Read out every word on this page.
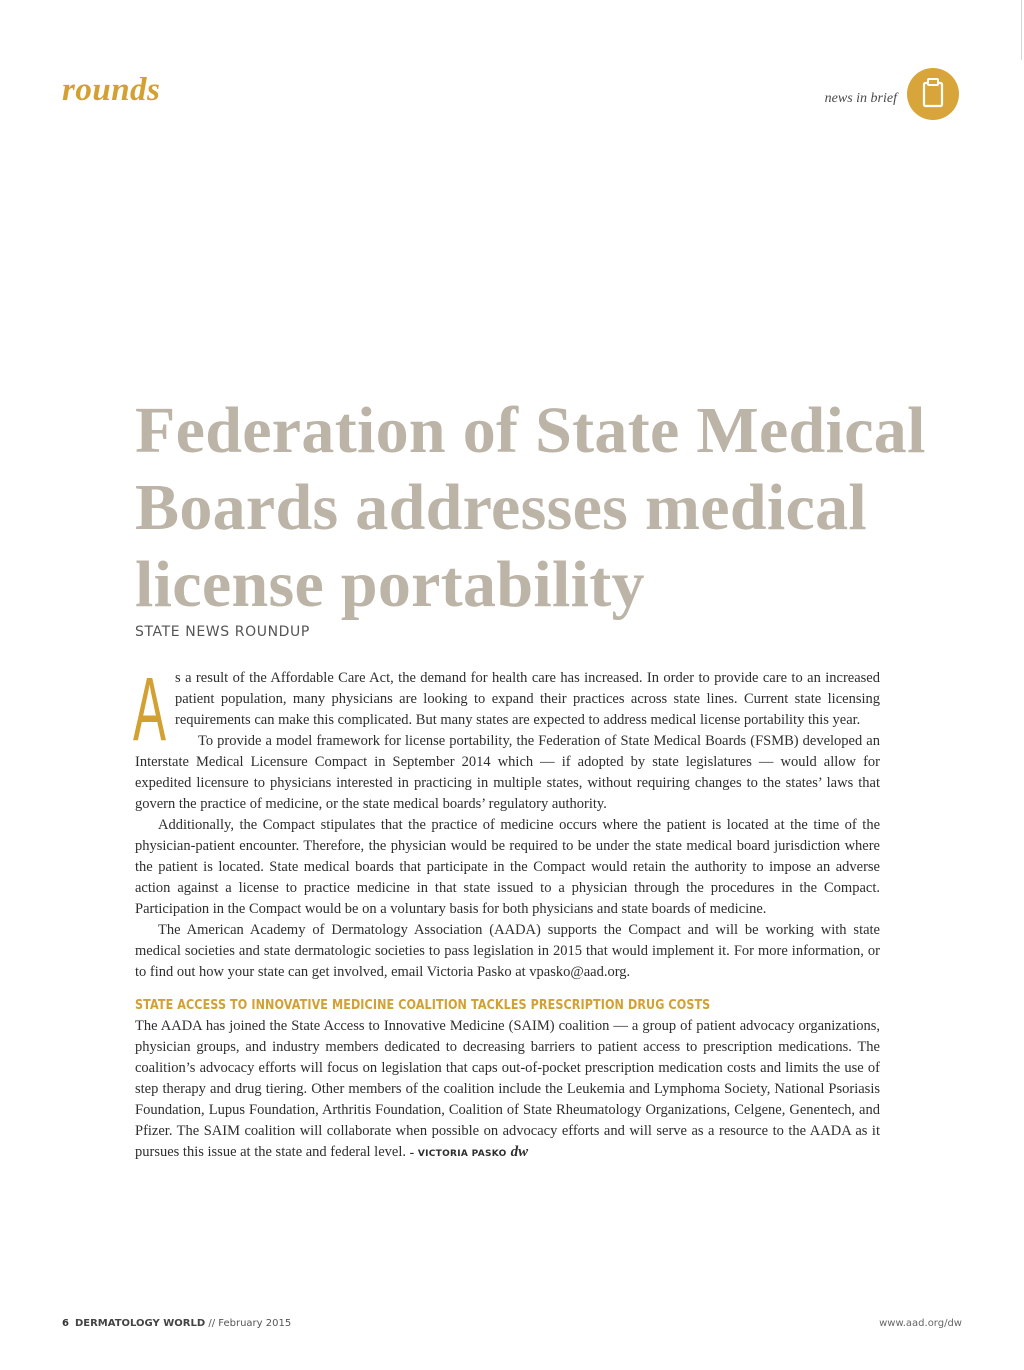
rounds	news in brief
Federation of State Medical Boards addresses medical license portability
STATE NEWS ROUNDUP

As a result of the Affordable Care Act, the demand for health care has increased. In order to provide care to an increased patient population, many physicians are looking to expand their practices across state lines. Current state licensing requirements can make this complicated. But many states are expected to address medical license portability this year.

To provide a model framework for license portability, the Federation of State Medical Boards (FSMB) developed an Interstate Medical Licensure Compact in September 2014 which — if adopted by state legislatures — would allow for expedited licensure to physicians interested in practicing in multiple states, without requiring changes to the states’ laws that govern the practice of medicine, or the state medical boards’ regulatory authority.

Additionally, the Compact stipulates that the practice of medicine occurs where the patient is located at the time of the physician-patient encounter. Therefore, the physician would be required to be under the state medical board jurisdiction where the patient is located. State medical boards that participate in the Compact would retain the authority to impose an adverse action against a license to practice medicine in that state issued to a physician through the procedures in the Compact. Participation in the Compact would be on a voluntary basis for both physicians and state boards of medicine.

The American Academy of Dermatology Association (AADA) supports the Compact and will be working with state medical societies and state dermatologic societies to pass legislation in 2015 that would implement it. For more information, or to find out how your state can get involved, email Victoria Pasko at vpasko@aad.org.

STATE ACCESS TO INNOVATIVE MEDICINE COALITION TACKLES PRESCRIPTION DRUG COSTS

The AADA has joined the State Access to Innovative Medicine (SAIM) coalition — a group of patient advocacy organizations, physician groups, and industry members dedicated to decreasing barriers to patient access to prescription medications. The coalition’s advocacy efforts will focus on legislation that caps out-of-pocket prescription medication costs and limits the use of step therapy and drug tiering. Other members of the coalition include the Leukemia and Lymphoma Society, National Psoriasis Foundation, Lupus Foundation, Arthritis Foundation, Coalition of State Rheumatology Organizations, Celgene, Genentech, and Pfizer. The SAIM coalition will collaborate when possible on advocacy efforts and will serve as a resource to the AADA as it pursues this issue at the state and federal level. – VICTORIA PASKO dw

6 DERMATOLOGY WORLD // February 2015	www.aad.org/dw
